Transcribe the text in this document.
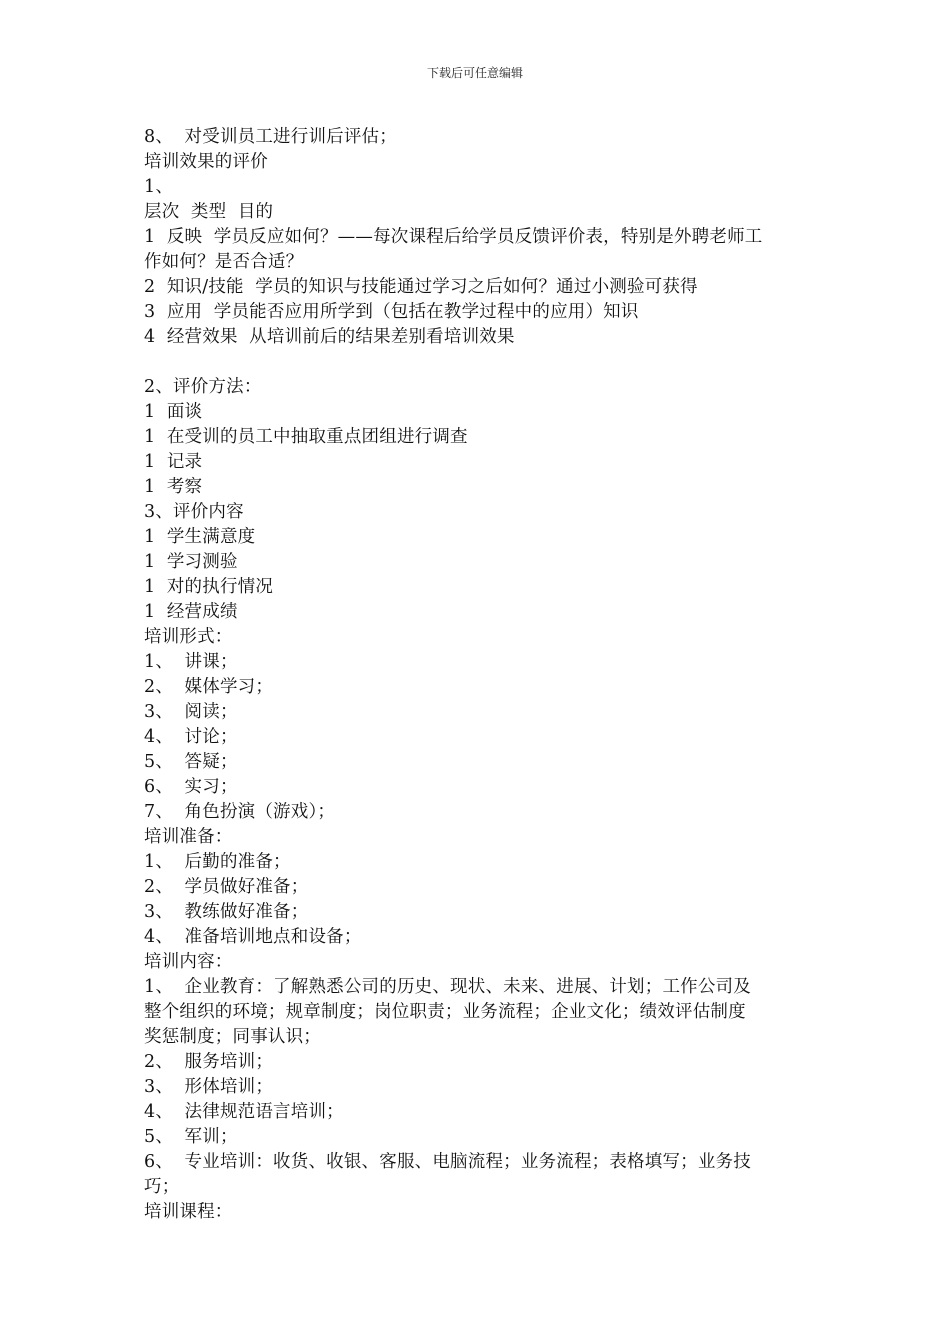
下载后可任意编辑
8、  对受训员工进行训后评估；
培训效果的评价
1、
层次  类型  目的
1  反映  学员反应如何？——每次课程后给学员反馈评价表，特别是外聘老师工
作如何？是否合适？
2  知识/技能  学员的知识与技能通过学习之后如何？通过小测验可获得
3  应用  学员能否应用所学到（包括在教学过程中的应用）知识
4  经营效果  从培训前后的结果差别看培训效果
2、评价方法：
1  面谈
1  在受训的员工中抽取重点团组进行调查
1  记录
1  考察
3、评价内容
1  学生满意度
1  学习测验
1  对的执行情况
1  经营成绩
培训形式：
1、  讲课；
2、  媒体学习；
3、  阅读；
4、  讨论；
5、  答疑；
6、  实习；
7、  角色扮演（游戏）；
培训准备：
1、  后勤的准备；
2、  学员做好准备；
3、  教练做好准备；
4、  准备培训地点和设备；
培训内容：
1、  企业教育：了解熟悉公司的历史、现状、未来、进展、计划；工作公司及
整个组织的环境；规章制度；岗位职责；业务流程；企业文化；绩效评估制度
奖惩制度；同事认识；
2、  服务培训；
3、  形体培训；
4、  法律规范语言培训；
5、  军训；
6、  专业培训：收货、收银、客服、电脑流程；业务流程；表格填写；业务技
巧；
培训课程：
